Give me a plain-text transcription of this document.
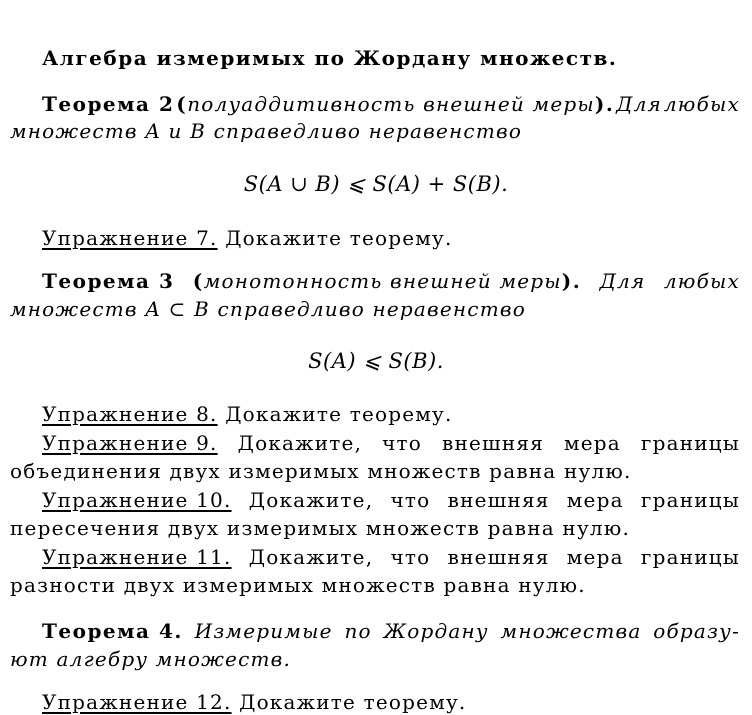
Алгебра измеримых по Жордану множеств.
Теорема 2 (полуаддитивность внешней меры). Для любых
множеств A и B справедливо неравенство
S(A ∪ B) ⩽ S(A) + S(B).
Упражнение 7. Докажите теорему.
Теорема 3 (монотонность внешней меры). Для любых
множеств A ⊂ B справедливо неравенство
S(A) ⩽ S(B).
Упражнение 8. Докажите теорему.
Упражнение 9. Докажите, что внешняя мера границы
объединения двух измеримых множеств равна нулю.
Упражнение 10. Докажите, что внешняя мера границы
пересечения двух измеримых множеств равна нулю.
Упражнение 11. Докажите, что внешняя мера границы
разности двух измеримых множеств равна нулю.
Теорема 4. Измеримые по Жордану множества образу-
ют алгебру множеств.
Упражнение 12. Докажите теорему.
